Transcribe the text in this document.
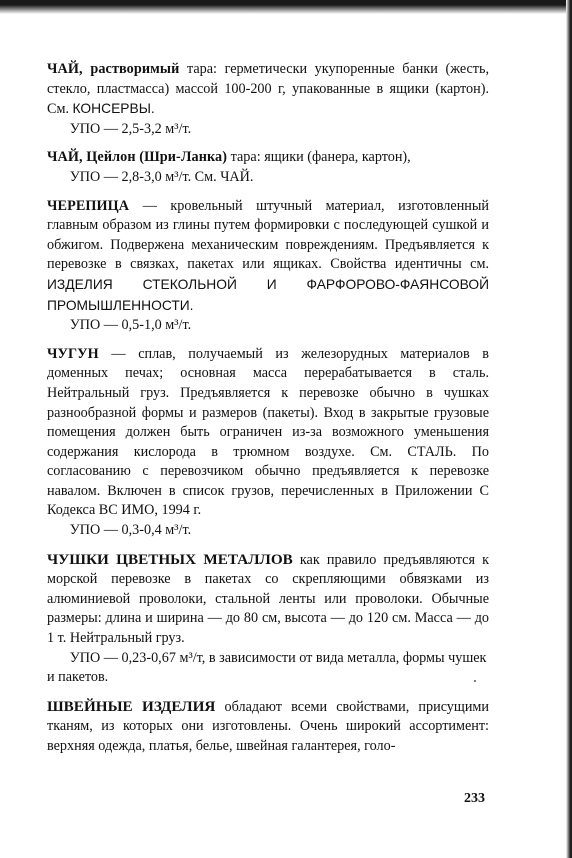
ЧАЙ, растворимый тара: герметически укупоренные банки (жесть, стекло, пластмасса) массой 100-200 г, упакованные в ящики (картон). См. КОНСЕРВЫ.

УПО — 2,5-3,2 м³/т.

ЧАЙ, Цейлон (Шри-Ланка) тара: ящики (фанера, картон),

УПО — 2,8-3,0 м³/т. См. ЧАЙ.

ЧЕРЕПИЦА — кровельный штучный материал, изготовленный главным образом из глины путем формировки с последующей сушкой и обжигом. Подвержена механическим повреждениям. Предъявляется к перевозке в связках, пакетах или ящиках. Свойства идентичны см. ИЗДЕЛИЯ СТЕКОЛЬНОЙ И ФАРФОРОВО-ФАЯНСОВОЙ ПРОМЫШЛЕННОСТИ.

УПО — 0,5-1,0 м³/т.

ЧУГУН — сплав, получаемый из железорудных материалов в доменных печах; основная масса перерабатывается в сталь. Нейтральный груз. Предъявляется к перевозке обычно в чушках разнообразной формы и размеров (пакеты). Вход в закрытые грузовые помещения должен быть ограничен из-за возможного уменьшения содержания кислорода в трюмном воздухе. См. СТАЛЬ. По согласованию с перевозчиком обычно предъявляется к перевозке навалом. Включен в список грузов, перечисленных в Приложении С Кодекса ВС ИМО, 1994 г.

УПО — 0,3-0,4 м³/т.

ЧУШКИ ЦВЕТНЫХ МЕТАЛЛОВ как правило предъявляются к морской перевозке в пакетах со скрепляющими обвязками из алюминиевой проволоки, стальной ленты или проволоки. Обычные размеры: длина и ширина — до 80 см, высота — до 120 см. Масса — до 1 т. Нейтральный груз.

УПО — 0,23-0,67 м³/т, в зависимости от вида металла, формы чушек и пакетов.

ШВЕЙНЫЕ ИЗДЕЛИЯ обладают всеми свойствами, присущими тканям, из которых они изготовлены. Очень широкий ассортимент: верхняя одежда, платья, белье, швейная галантерея, голо-

233
